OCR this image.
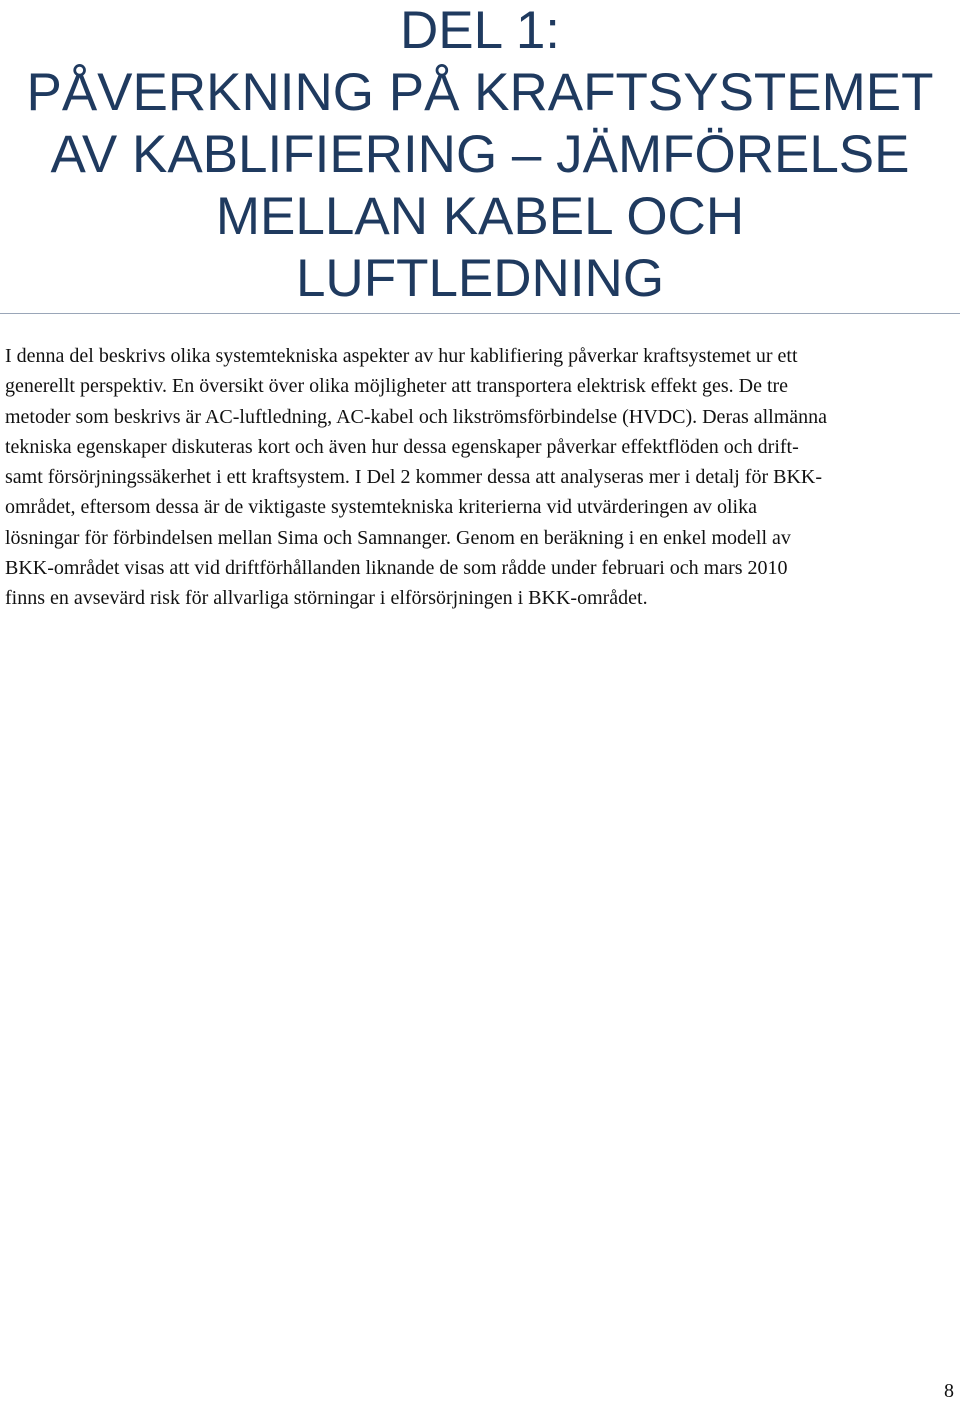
DEL 1:
PÅVERKNING PÅ KRAFTSYSTEMET
AV KABLIFIERING – JÄMFÖRELSE
MELLAN KABEL OCH
LUFTLEDNING
I denna del beskrivs olika systemtekniska aspekter av hur kablifiering påverkar kraftsystemet ur ett
generellt perspektiv. En översikt över olika möjligheter att transportera elektrisk effekt ges. De tre
metoder som beskrivs är AC-luftledning, AC-kabel och likströmsförbindelse (HVDC). Deras allmänna
tekniska egenskaper diskuteras kort och även hur dessa egenskaper påverkar effektflöden och drift-
samt försörjningssäkerhet i ett kraftsystem. I Del 2 kommer dessa att analyseras mer i detalj för BKK-
området, eftersom dessa är de viktigaste systemtekniska kriterierna vid utvärderingen av olika
lösningar för förbindelsen mellan Sima och Samnanger. Genom en beräkning i en enkel modell av
BKK-området visas att vid driftförhållanden liknande de som rådde under februari och mars 2010
finns en avsevärd risk för allvarliga störningar i elförsörjningen i BKK-området.
8
